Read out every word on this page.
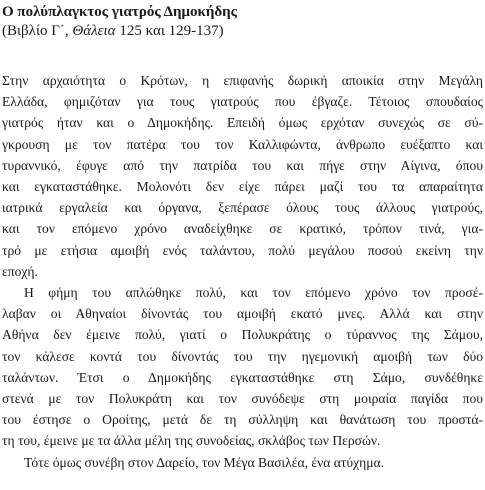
Ο πολύπλαγκτος γιατρός Δημοκήδης

(Βιβλίο Γ΄, Θάλεια 125 και 129-137)

Στην αρχαιότητα ο Κρότων, η επιφανής δωρική αποικία στην Μεγάλη
Ελλάδα, φημιζόταν για τους γιατρούς που έβγαζε. Τέτοιος σπουδαίος
γιατρός ήταν και ο Δημοκήδης. Επειδή όμως ερχόταν συνεχώς σε σύ-
γκρουση με τον πατέρα του τον Καλλιφώντα, άνθρωπο ευέξαπτο και
τυραννικό, έφυγε από την πατρίδα του και πήγε στην Αίγινα, όπου
και εγκαταστάθηκε. Μολονότι δεν είχε πάρει μαζί του τα απαραίτητα
ιατρικά εργαλεία και όργανα, ξεπέρασε όλους τους άλλους γιατρούς,
και τον επόμενο χρόνο αναδείχθηκε σε κρατικό, τρόπον τινά, για-
τρό με ετήσια αμοιβή ενός ταλάντου, πολύ μεγάλου ποσού εκείνη την
εποχή.

Η φήμη του απλώθηκε πολύ, και τον επόμενο χρόνο τον προσέ-
λαβαν οι Αθηναίοι δίνοντάς του αμοιβή εκατό μνες. Αλλά και στην
Αθήνα δεν έμεινε πολύ, γιατί ο Πολυκράτης ο τύραννος της Σάμου,
τον κάλεσε κοντά του δίνοντάς του την ηγεμονική αμοιβή των δύο
ταλάντων. Έτσι ο Δημοκήδης εγκαταστάθηκε στη Σάμο, συνδέθηκε
στενά με τον Πολυκράτη και τον συνόδεψε στη μοιραία παγίδα που
του έστησε ο Οροίτης, μετά δε τη σύλληψη και θανάτωση του προστά-
τη του, έμεινε με τα άλλα μέλη της συνοδείας, σκλάβος των Περσών.

Τότε όμως συνέβη στον Δαρείο, τον Μέγα Βασιλέα, ένα ατύχημα.
